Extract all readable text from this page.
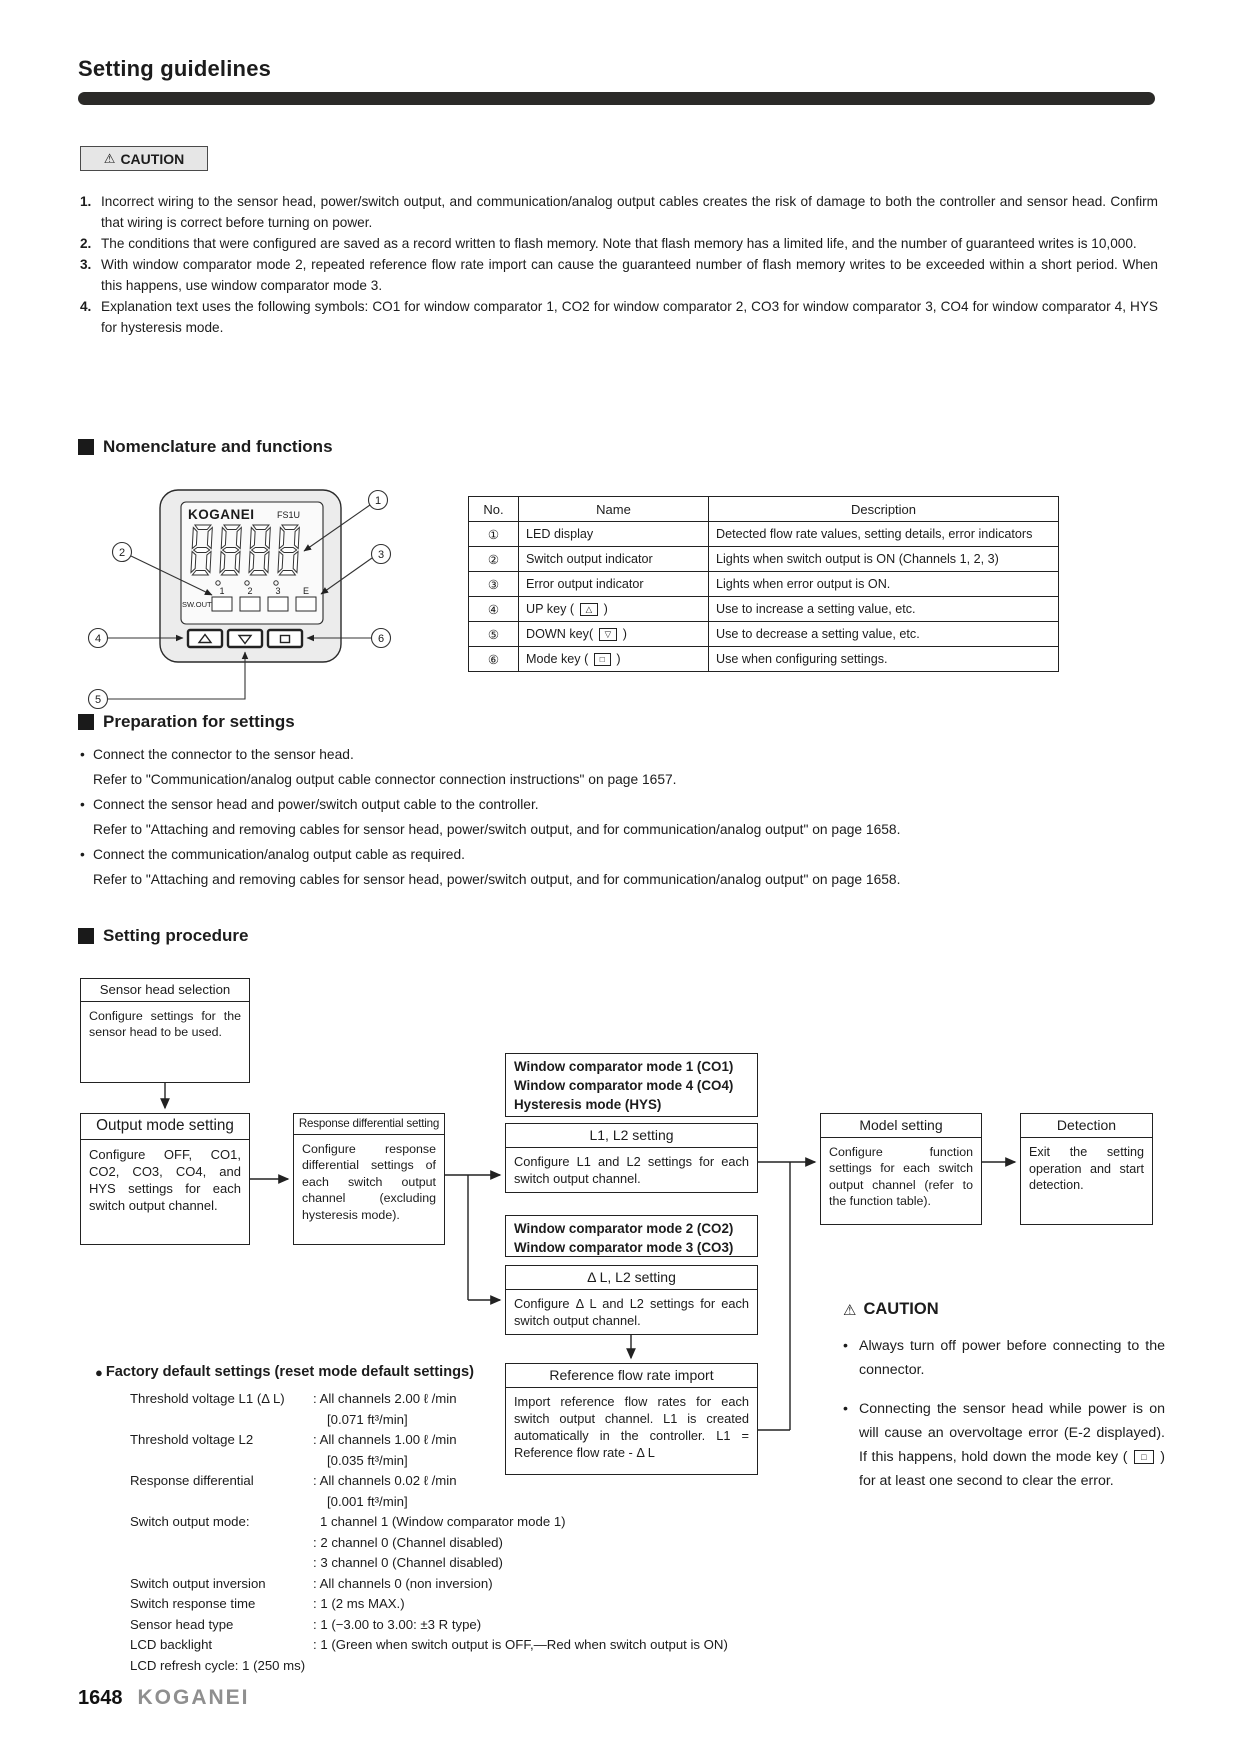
Setting guidelines
⚠ CAUTION
1. Incorrect wiring to the sensor head, power/switch output, and communication/analog output cables creates the risk of damage to both the controller and sensor head. Confirm that wiring is correct before turning on power.
2. The conditions that were configured are saved as a record written to flash memory. Note that flash memory has a limited life, and the number of guaranteed writes is 10,000.
3. With window comparator mode 2, repeated reference flow rate import can cause the guaranteed number of flash memory writes to be exceeded within a short period. When this happens, use window comparator mode 3.
4. Explanation text uses the following symbols: CO1 for window comparator 1, CO2 for window comparator 2, CO3 for window comparator 3, CO4 for window comparator 4, HYS for hysteresis mode.
Nomenclature and functions
KOGANEI FS1U
1	2	3 E
SW.OUT
1
2	3
4
5
6
No.	Name	Description
①	LED display	Detected flow rate values, setting details, error indicators
②	Switch output indicator	Lights when switch output is ON (Channels 1, 2, 3)
③	Error output indicator	Lights when error output is ON.
④	UP key ( △ )	Use to increase a setting value, etc.
⑤	DOWN key( ▽ )	Use to decrease a setting value, etc.
⑥	Mode key ( □ )	Use when configuring settings.
Preparation for settings
• Connect the connector to the sensor head.
Refer to "Communication/analog output cable connector connection instructions" on page 1657.
• Connect the sensor head and power/switch output cable to the controller.
Refer to "Attaching and removing cables for sensor head, power/switch output, and for communication/analog output" on page 1658.
• Connect the communication/analog output cable as required.
Refer to "Attaching and removing cables for sensor head, power/switch output, and for communication/analog output" on page 1658.
Setting procedure
Sensor head selection
Configure settings for the sensor head to be used.
Output mode setting
Configure OFF, CO1, CO2, CO3, CO4, and HYS settings for each switch output channel.
Response differential setting
Configure response differential settings of each switch output channel (excluding hysteresis mode).
Window comparator mode 1 (CO1)
Window comparator mode 4 (CO4)
Hysteresis mode (HYS)
L1, L2 setting
Configure L1 and L2 settings for each switch output channel.
Window comparator mode 2 (CO2)
Window comparator mode 3 (CO3)
Δ L, L2 setting
Configure Δ L and L2 settings for each switch output channel.
Reference flow rate import
Import reference flow rates for each switch output channel. L1 is created automatically in the controller. L1 = Reference flow rate - Δ L
Model setting
Configure function settings for each switch output channel (refer to the function table).
Detection
Exit the setting operation and start detection.
● Factory default settings (reset mode default settings)
Threshold voltage L1 (Δ L)	: All channels 2.00 ℓ /min
[0.071 ft³/min]
Threshold voltage L2	: All channels 1.00 ℓ /min
[0.035 ft³/min]
Response differential	: All channels 0.02 ℓ /min
[0.001 ft³/min]
Switch output mode:	1 channel 1 (Window comparator mode 1)
: 2 channel 0 (Channel disabled)
: 3 channel 0 (Channel disabled)
Switch output inversion	: All channels 0 (non inversion)
Switch response time	: 1 (2 ms MAX.)
Sensor head type	: 1 (−3.00 to 3.00: ±3 R type)
LCD backlight	: 1 (Green when switch output is OFF,—Red when switch output is ON)
LCD refresh cycle: 1 (250 ms)
⚠ CAUTION
• Always turn off power before connecting to the connector.
• Connecting the sensor head while power is on will cause an overvoltage error (E-2 displayed). If this happens, hold down the mode key ( □ ) for at least one second to clear the error.
1648 KOGANEI
